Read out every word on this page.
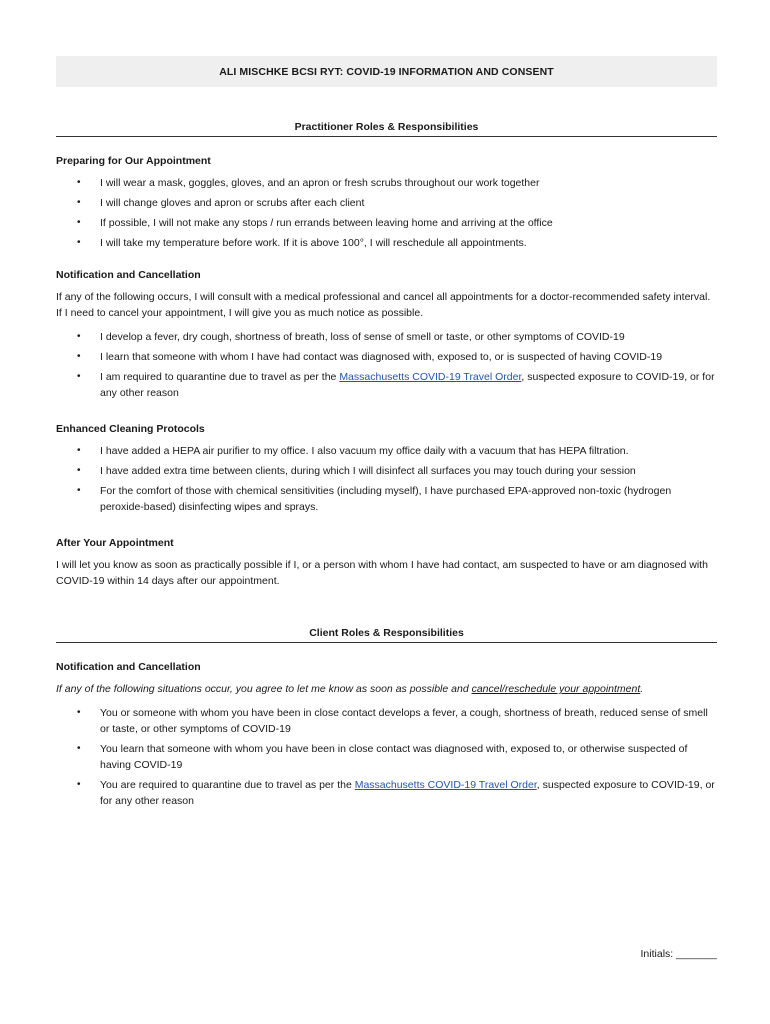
ALI MISCHKE BCSI RYT: COVID-19 INFORMATION AND CONSENT
Practitioner Roles & Responsibilities
Preparing for Our Appointment
• I will wear a mask, goggles, gloves, and an apron or fresh scrubs throughout our work together
• I will change gloves and apron or scrubs after each client
• If possible, I will not make any stops / run errands between leaving home and arriving at the office
• I will take my temperature before work. If it is above 100°, I will reschedule all appointments.
Notification and Cancellation

If any of the following occurs, I will consult with a medical professional and cancel all appointments for a doctor-recommended safety interval. If I need to cancel your appointment, I will give you as much notice as possible.

• I develop a fever, dry cough, shortness of breath, loss of sense of smell or taste, or other symptoms of COVID-19
• I learn that someone with whom I have had contact was diagnosed with, exposed to, or is suspected of having COVID-19
• I am required to quarantine due to travel as per the Massachusetts COVID-19 Travel Order, suspected exposure to COVID-19, or for any other reason
Enhanced Cleaning Protocols
• I have added a HEPA air purifier to my office. I also vacuum my office daily with a vacuum that has HEPA filtration.
• I have added extra time between clients, during which I will disinfect all surfaces you may touch during your session
• For the comfort of those with chemical sensitivities (including myself), I have purchased EPA-approved non-toxic (hydrogen peroxide-based) disinfecting wipes and sprays.
After Your Appointment

I will let you know as soon as practically possible if I, or a person with whom I have had contact, am suspected to have or am diagnosed with COVID-19 within 14 days after our appointment.

Client Roles & Responsibilities
Notification and Cancellation

If any of the following situations occur, you agree to let me know as soon as possible and cancel/reschedule your appointment.

• You or someone with whom you have been in close contact develops a fever, a cough, shortness of breath, reduced sense of smell or taste, or other symptoms of COVID-19
• You learn that someone with whom you have been in close contact was diagnosed with, exposed to, or otherwise suspected of having COVID-19
• You are required to quarantine due to travel as per the Massachusetts COVID-19 Travel Order, suspected exposure to COVID-19, or for any other reason
Initials: _______
